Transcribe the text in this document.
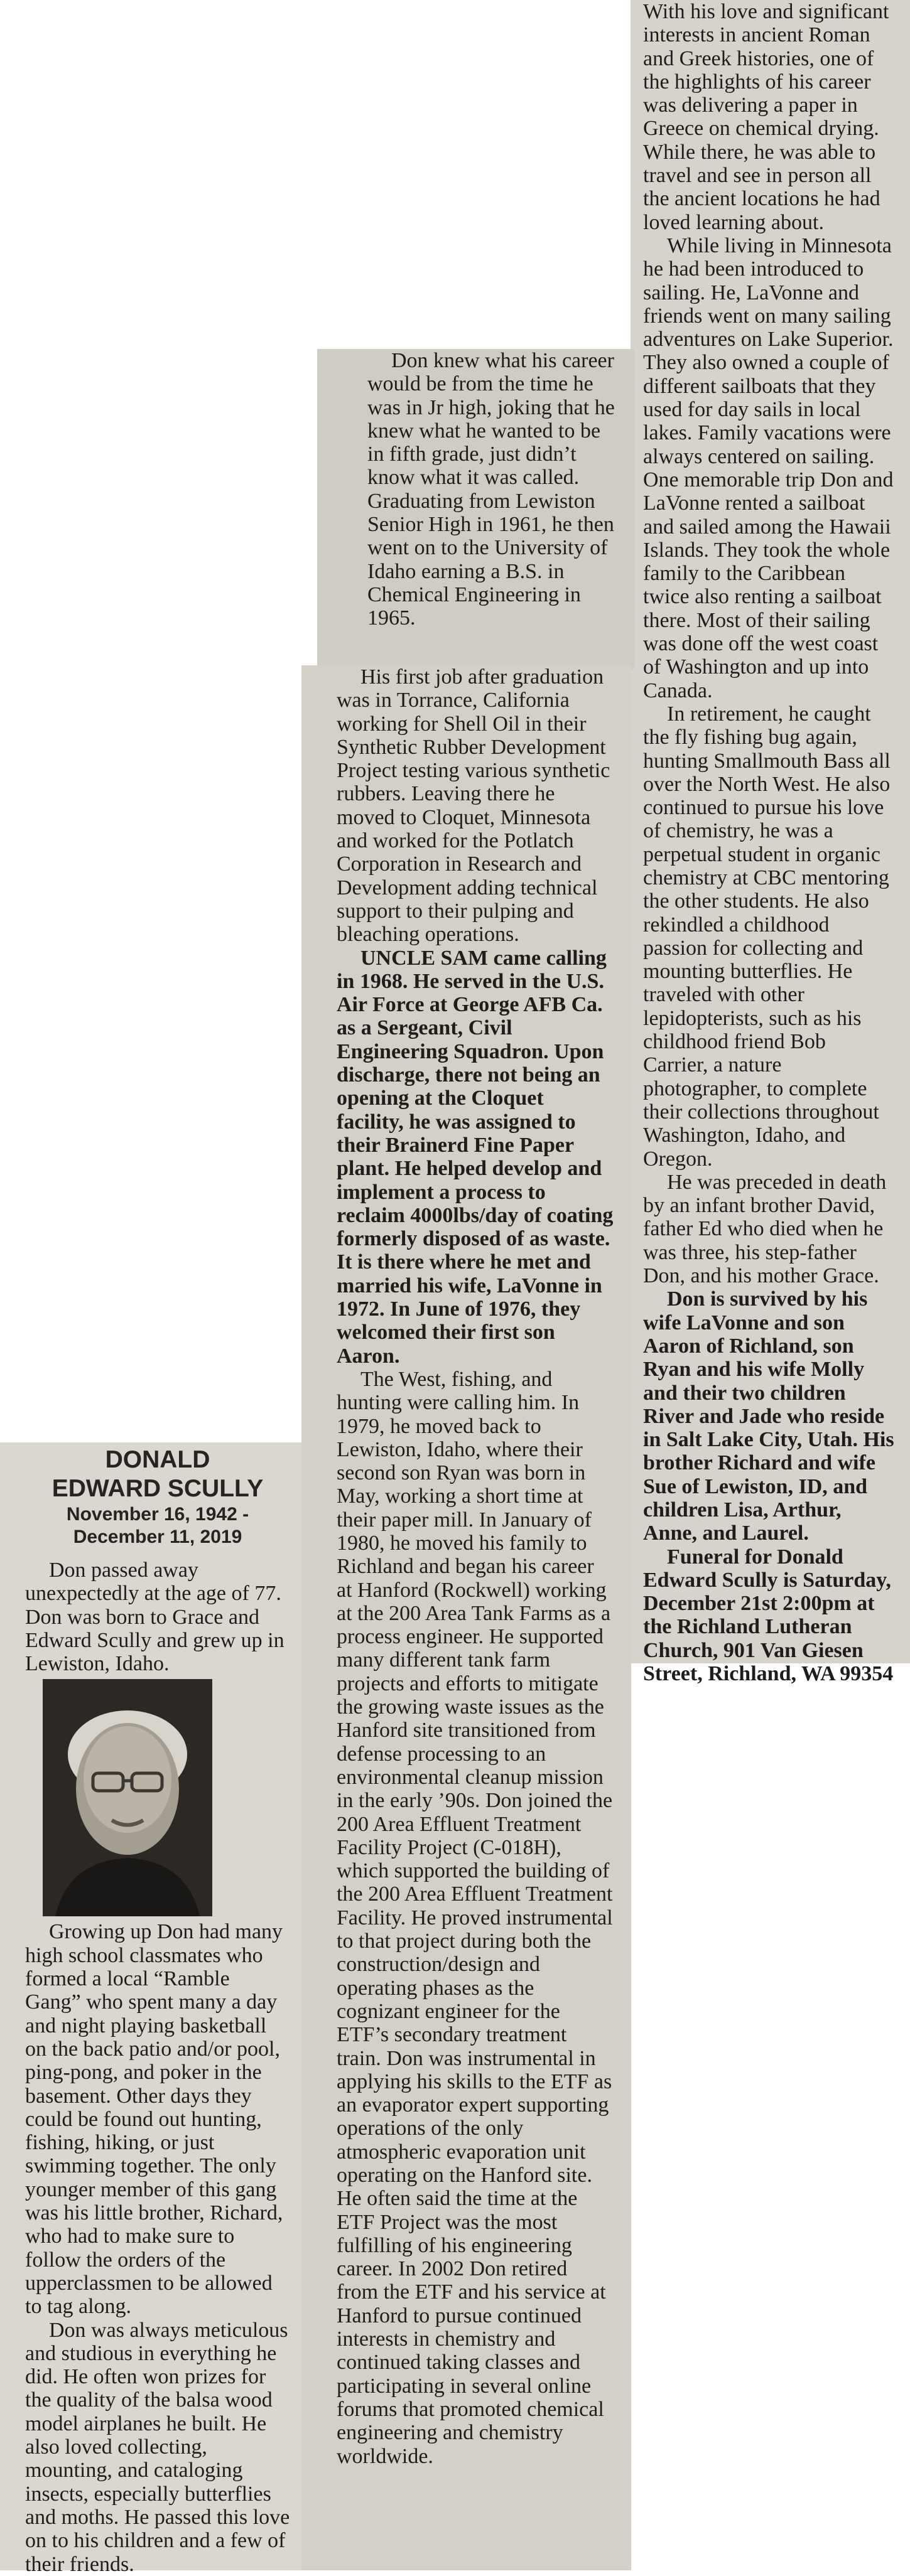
With his love and significant interests in ancient Roman and Greek histories, one of the highlights of his career was delivering a paper in Greece on chemical drying. While there, he was able to travel and see in person all the ancient locations he had loved learning about.

While living in Minnesota he had been introduced to sailing. He, LaVonne and friends went on many sailing adventures on Lake Superior. They also owned a couple of different sailboats that they used for day sails in local lakes. Family vacations were always centered on sailing. One memorable trip Don and LaVonne rented a sailboat and sailed among the Hawaii Islands. They took the whole family to the Caribbean twice also renting a sailboat there. Most of their sailing was done off the west coast of Washington and up into Canada.

In retirement, he caught the fly fishing bug again, hunting Smallmouth Bass all over the North West. He also continued to pursue his love of chemistry, he was a perpetual student in organic chemistry at CBC mentoring the other students. He also rekindled a childhood passion for collecting and mounting butterflies. He traveled with other lepidopterists, such as his childhood friend Bob Carrier, a nature photographer, to complete their collections throughout Washington, Idaho, and Oregon.

He was preceded in death by an infant brother David, father Ed who died when he was three, his step-father Don, and his mother Grace.

Don is survived by his wife LaVonne and son Aaron of Richland, son Ryan and his wife Molly and their two children River and Jade who reside in Salt Lake City, Utah. His brother Richard and wife Sue of Lewiston, ID, and children Lisa, Arthur, Anne, and Laurel.

Funeral for Donald Edward Scully is Saturday, December 21st 2:00pm at the Richland Lutheran Church, 901 Van Giesen Street, Richland, WA 99354

Don knew what his career would be from the time he was in Jr high, joking that he knew what he wanted to be in fifth grade, just didn’t know what it was called. Graduating from Lewiston Senior High in 1961, he then went on to the University of Idaho earning a B.S. in Chemical Engineering in 1965.

His first job after graduation was in Torrance, California working for Shell Oil in their Synthetic Rubber Development Project testing various synthetic rubbers. Leaving there he moved to Cloquet, Minnesota and worked for the Potlatch Corporation in Research and Development adding technical support to their pulping and bleaching operations.

UNCLE SAM came calling in 1968. He served in the U.S. Air Force at George AFB Ca. as a Sergeant, Civil Engineering Squadron. Upon discharge, there not being an opening at the Cloquet facility, he was assigned to their Brainerd Fine Paper plant. He helped develop and implement a process to reclaim 4000lbs/day of coating formerly disposed of as waste. It is there where he met and married his wife, LaVonne in 1972. In June of 1976, they welcomed their first son Aaron.

The West, fishing, and hunting were calling him. In 1979, he moved back to Lewiston, Idaho, where their second son Ryan was born in May, working a short time at their paper mill. In January of 1980, he moved his family to Richland and began his career at Hanford (Rockwell) working at the 200 Area Tank Farms as a process engineer. He supported many different tank farm projects and efforts to mitigate the growing waste issues as the Hanford site transitioned from defense processing to an environmental cleanup mission in the early ’90s. Don joined the 200 Area Effluent Treatment Facility Project (C-018H), which supported the building of the 200 Area Effluent Treatment Facility. He proved instrumental to that project during both the construction/design and operating phases as the cognizant engineer for the ETF’s secondary treatment train. Don was instrumental in applying his skills to the ETF as an evaporator expert supporting operations of the only atmospheric evaporation unit operating on the Hanford site. He often said the time at the ETF Project was the most fulfilling of his engineering career. In 2002 Don retired from the ETF and his service at Hanford to pursue continued interests in chemistry and continued taking classes and participating in several online forums that promoted chemical engineering and chemistry worldwide.

DONALD
EDWARD SCULLY
November 16, 1942 -
December 11, 2019

Don passed away unexpectedly at the age of 77. Don was born to Grace and Edward Scully and grew up in Lewiston, Idaho.

Growing up Don had many high school classmates who formed a local “Ramble Gang” who spent many a day and night playing basketball on the back patio and/or pool, ping-pong, and poker in the basement. Other days they could be found out hunting, fishing, hiking, or just swimming together. The only younger member of this gang was his little brother, Richard, who had to make sure to follow the orders of the upperclassmen to be allowed to tag along.

Don was always meticulous and studious in everything he did. He often won prizes for the quality of the balsa wood model airplanes he built. He also loved collecting, mounting, and cataloging insects, especially butterflies and moths. He passed this love on to his children and a few of their friends.
